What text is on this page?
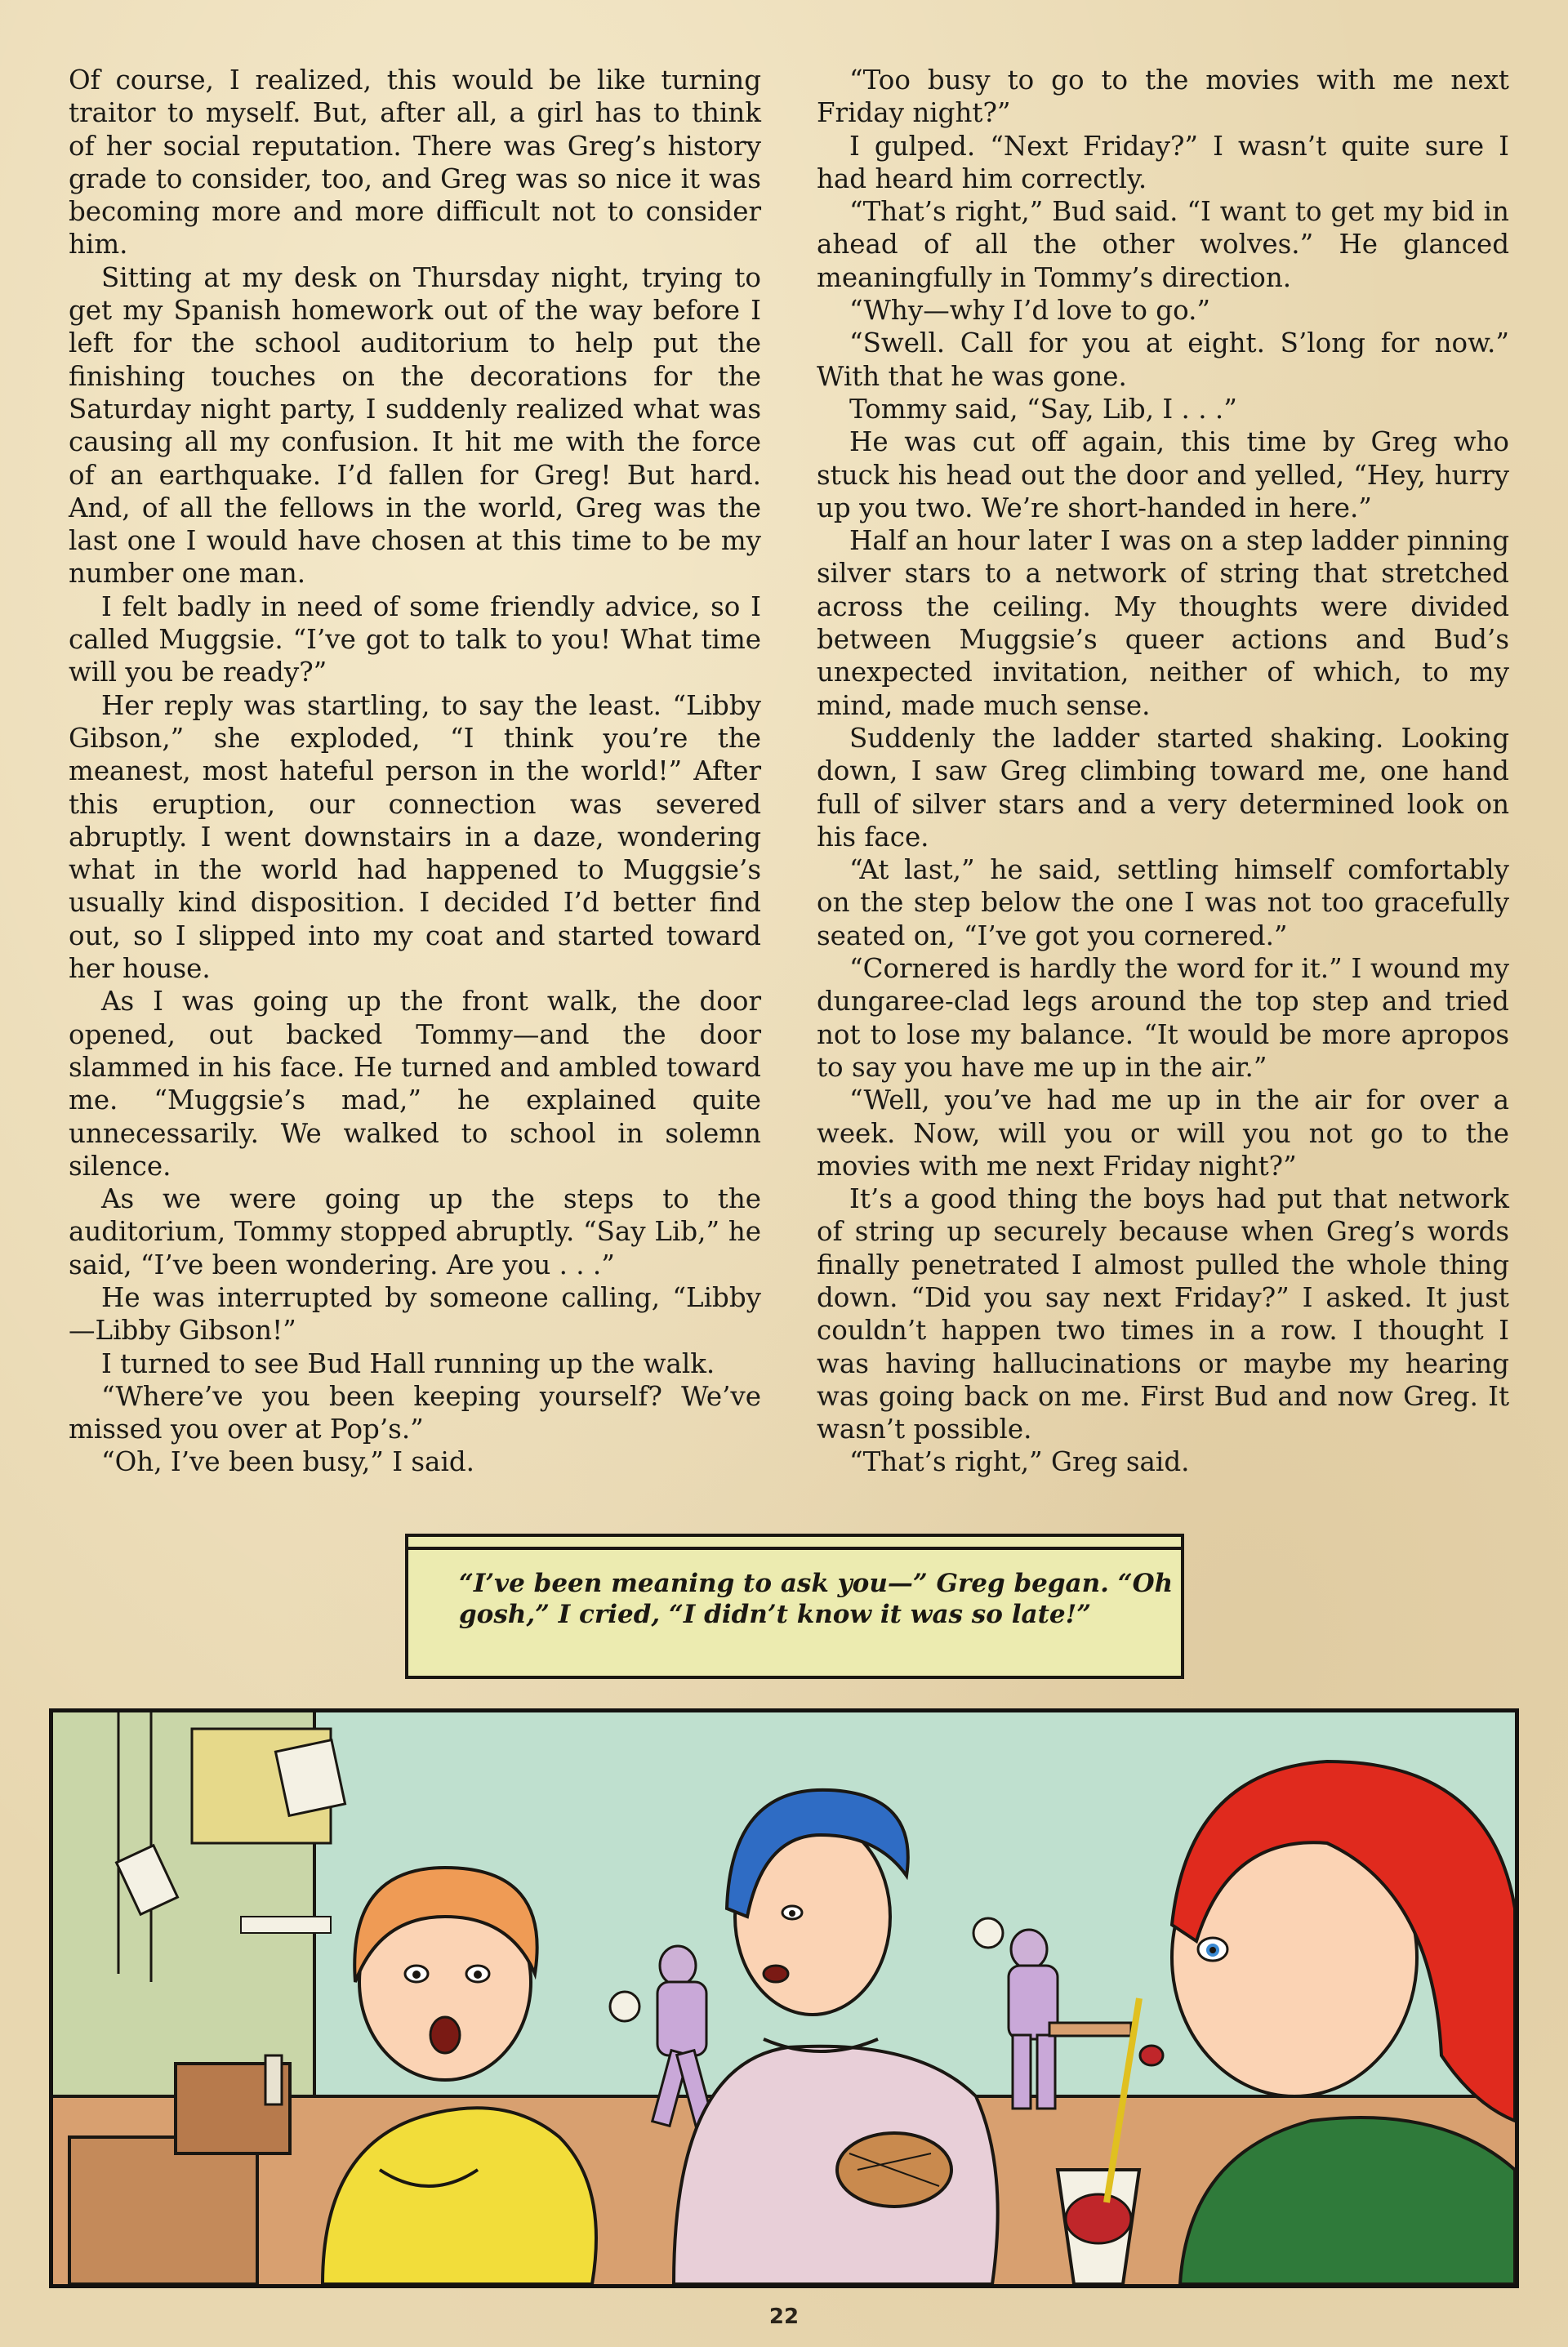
Of course, I realized, this would be like turning traitor to myself. But, after all, a girl has to think of her social reputation. There was Greg’s history grade to consider, too, and Greg was so nice it was becoming more and more difficult not to consider him.

Sitting at my desk on Thursday night, trying to get my Spanish homework out of the way before I left for the school auditorium to help put the finishing touches on the decorations for the Saturday night party, I suddenly realized what was causing all my confusion. It hit me with the force of an earthquake. I’d fallen for Greg! But hard. And, of all the fellows in the world, Greg was the last one I would have chosen at this time to be my number one man.

I felt badly in need of some friendly advice, so I called Muggsie. “I’ve got to talk to you! What time will you be ready?”

Her reply was startling, to say the least. “Libby Gibson,” she exploded, “I think you’re the meanest, most hateful person in the world!” After this eruption, our connection was severed abruptly. I went downstairs in a daze, wondering what in the world had happened to Muggsie’s usually kind disposition. I decided I’d better find out, so I slipped into my coat and started toward her house.

As I was going up the front walk, the door opened, out backed Tommy—and the door slammed in his face. He turned and ambled toward me. “Muggsie’s mad,” he explained quite unnecessarily. We walked to school in solemn silence.

As we were going up the steps to the auditorium, Tommy stopped abruptly. “Say Lib,” he said, “I’ve been wondering. Are you . . .”

He was interrupted by someone calling, “Libby —Libby Gibson!”

I turned to see Bud Hall running up the walk.

“Where’ve you been keeping yourself? We’ve missed you over at Pop’s.”

“Oh, I’ve been busy,” I said.

“Too busy to go to the movies with me next Friday night?”

I gulped. “Next Friday?” I wasn’t quite sure I had heard him correctly.

“That’s right,” Bud said. “I want to get my bid in ahead of all the other wolves.” He glanced meaningfully in Tommy’s direction.

“Why—why I’d love to go.”

“Swell. Call for you at eight. S’long for now.” With that he was gone.

Tommy said, “Say, Lib, I . . .”

He was cut off again, this time by Greg who stuck his head out the door and yelled, “Hey, hurry up you two. We’re short-handed in here.”

Half an hour later I was on a step ladder pinning silver stars to a network of string that stretched across the ceiling. My thoughts were divided between Muggsie’s queer actions and Bud’s unexpected invitation, neither of which, to my mind, made much sense.

Suddenly the ladder started shaking. Looking down, I saw Greg climbing toward me, one hand full of silver stars and a very determined look on his face.

“At last,” he said, settling himself comfortably on the step below the one I was not too gracefully seated on, “I’ve got you cornered.”

“Cornered is hardly the word for it.” I wound my dungaree-clad legs around the top step and tried not to lose my balance. “It would be more apropos to say you have me up in the air.”

“Well, you’ve had me up in the air for over a week. Now, will you or will you not go to the movies with me next Friday night?”

It’s a good thing the boys had put that network of string up securely because when Greg’s words finally penetrated I almost pulled the whole thing down. “Did you say next Friday?” I asked. It just couldn’t happen two times in a row. I thought I was having hallucinations or maybe my hearing was going back on me. First Bud and now Greg. It wasn’t possible.

“That’s right,” Greg said.

“I’ve been meaning to ask you—” Greg began. “Oh gosh,” I cried, “I didn’t know it was so late!”
22
